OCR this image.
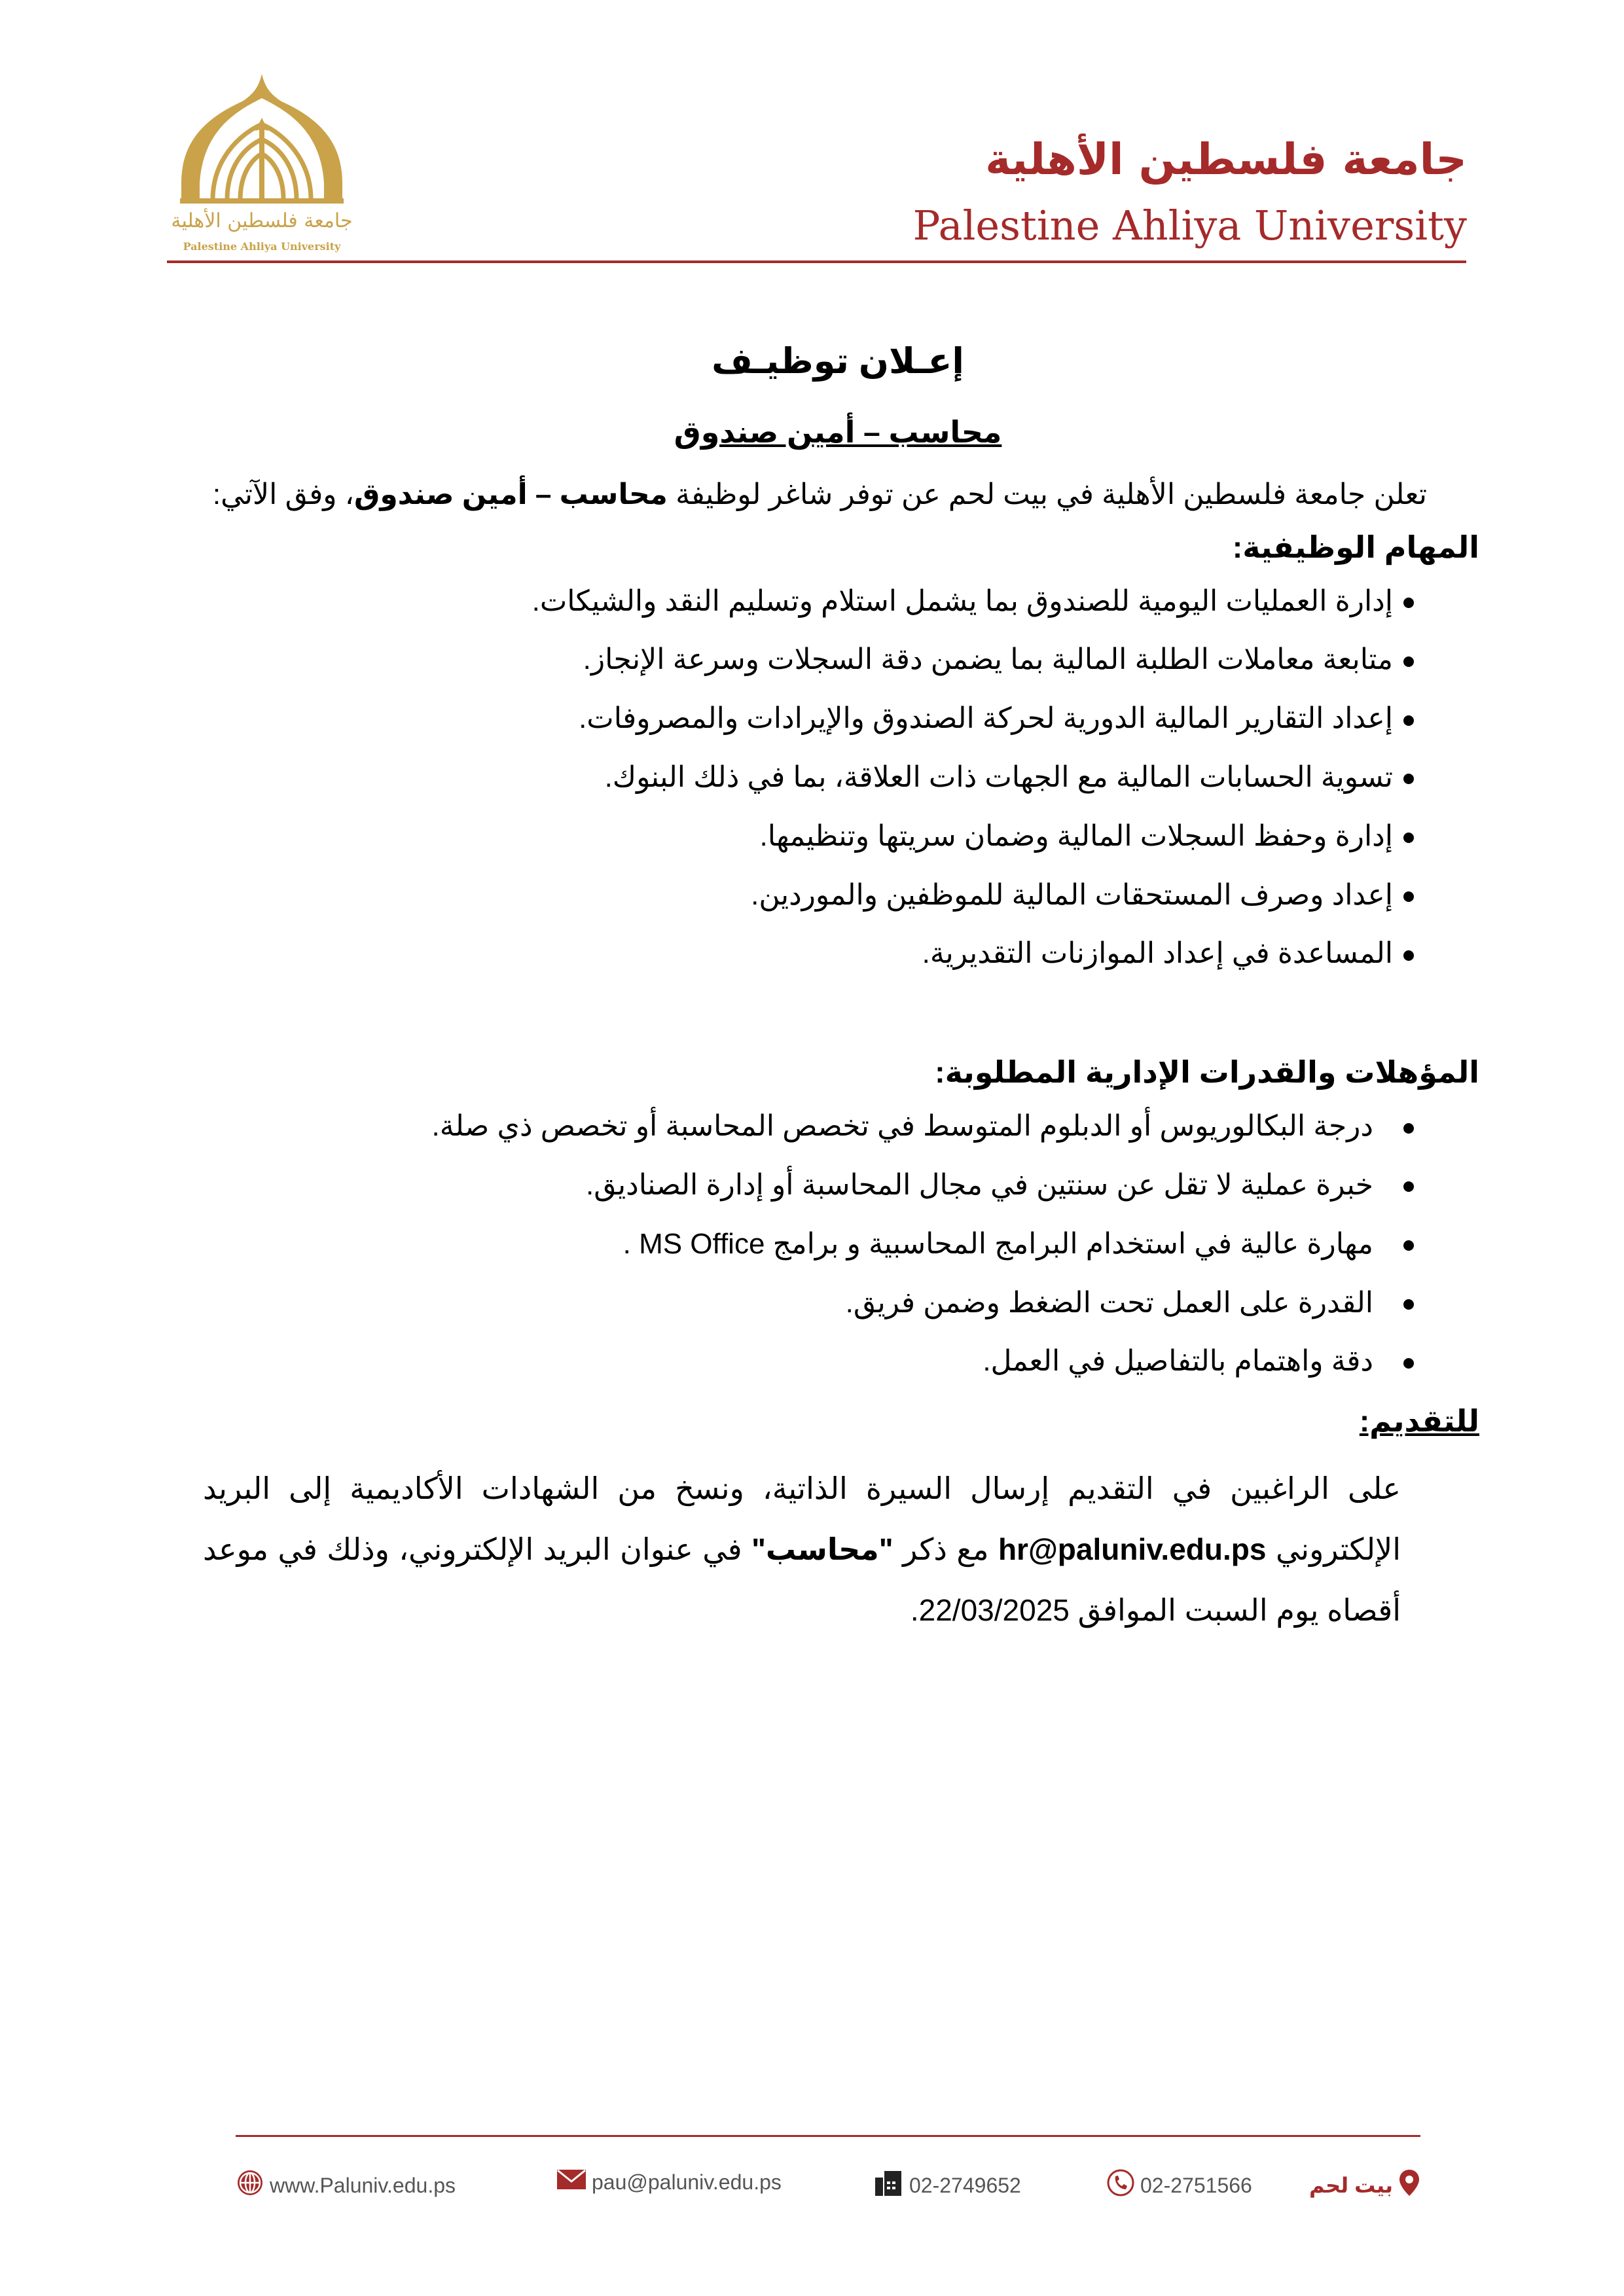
جامعة فلسطين الأهلية
Palestine Ahliya University
جامعة فلسطين الأهلية
Palestine Ahliya University
إعـلان توظيـف
محاسب – أمين صندوق
تعلن جامعة فلسطين الأهلية في بيت لحم عن توفر شاغر لوظيفة محاسب – أمين صندوق، وفق الآتي:
المهام الوظيفية:
إدارة العمليات اليومية للصندوق بما يشمل استلام وتسليم النقد والشيكات.
متابعة معاملات الطلبة المالية بما يضمن دقة السجلات وسرعة الإنجاز.
إعداد التقارير المالية الدورية لحركة الصندوق والإيرادات والمصروفات.
تسوية الحسابات المالية مع الجهات ذات العلاقة، بما في ذلك البنوك.
إدارة وحفظ السجلات المالية وضمان سريتها وتنظيمها.
إعداد وصرف المستحقات المالية للموظفين والموردين.
المساعدة في إعداد الموازنات التقديرية.
المؤهلات والقدرات الإدارية المطلوبة:
درجة البكالوريوس أو الدبلوم المتوسط في تخصص المحاسبة أو تخصص ذي صلة.
خبرة عملية لا تقل عن سنتين في مجال المحاسبة أو إدارة الصناديق.
مهارة عالية في استخدام البرامج المحاسبية و برامج MS Office .
القدرة على العمل تحت الضغط وضمن فريق.
دقة واهتمام بالتفاصيل في العمل.
للتقديم:
على الراغبين في التقديم إرسال السيرة الذاتية، ونسخ من الشهادات الأكاديمية إلى البريد الإلكتروني hr@paluniv.edu.ps مع ذكر "محاسب" في عنوان البريد الإلكتروني، وذلك في موعد أقصاه يوم السبت الموافق 22/03/2025.
www.Paluniv.edu.ps	pau@paluniv.edu.ps	02-2749652	02-2751566	بيت لحم
